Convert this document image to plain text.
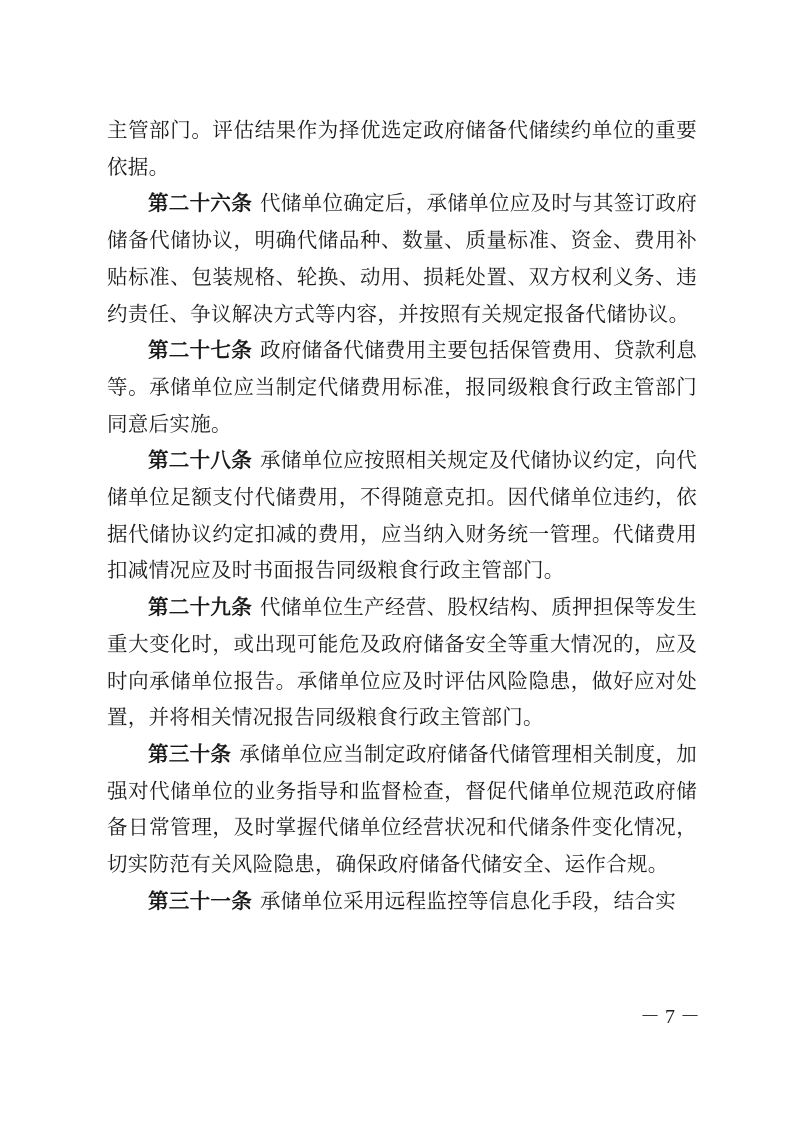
主管部门。评估结果作为择优选定政府储备代储续约单位的重要依据。

第二十六条 代储单位确定后，承储单位应及时与其签订政府储备代储协议，明确代储品种、数量、质量标准、资金、费用补贴标准、包装规格、轮换、动用、损耗处置、双方权利义务、违约责任、争议解决方式等内容，并按照有关规定报备代储协议。

第二十七条 政府储备代储费用主要包括保管费用、贷款利息等。承储单位应当制定代储费用标准，报同级粮食行政主管部门同意后实施。

第二十八条 承储单位应按照相关规定及代储协议约定，向代储单位足额支付代储费用，不得随意克扣。因代储单位违约，依据代储协议约定扣减的费用，应当纳入财务统一管理。代储费用扣减情况应及时书面报告同级粮食行政主管部门。

第二十九条 代储单位生产经营、股权结构、质押担保等发生重大变化时，或出现可能危及政府储备安全等重大情况的，应及时向承储单位报告。承储单位应及时评估风险隐患，做好应对处置，并将相关情况报告同级粮食行政主管部门。

第三十条 承储单位应当制定政府储备代储管理相关制度，加强对代储单位的业务指导和监督检查，督促代储单位规范政府储备日常管理，及时掌握代储单位经营状况和代储条件变化情况，切实防范有关风险隐患，确保政府储备代储安全、运作合规。

第三十一条 承储单位采用远程监控等信息化手段，结合实

－ 7 －
